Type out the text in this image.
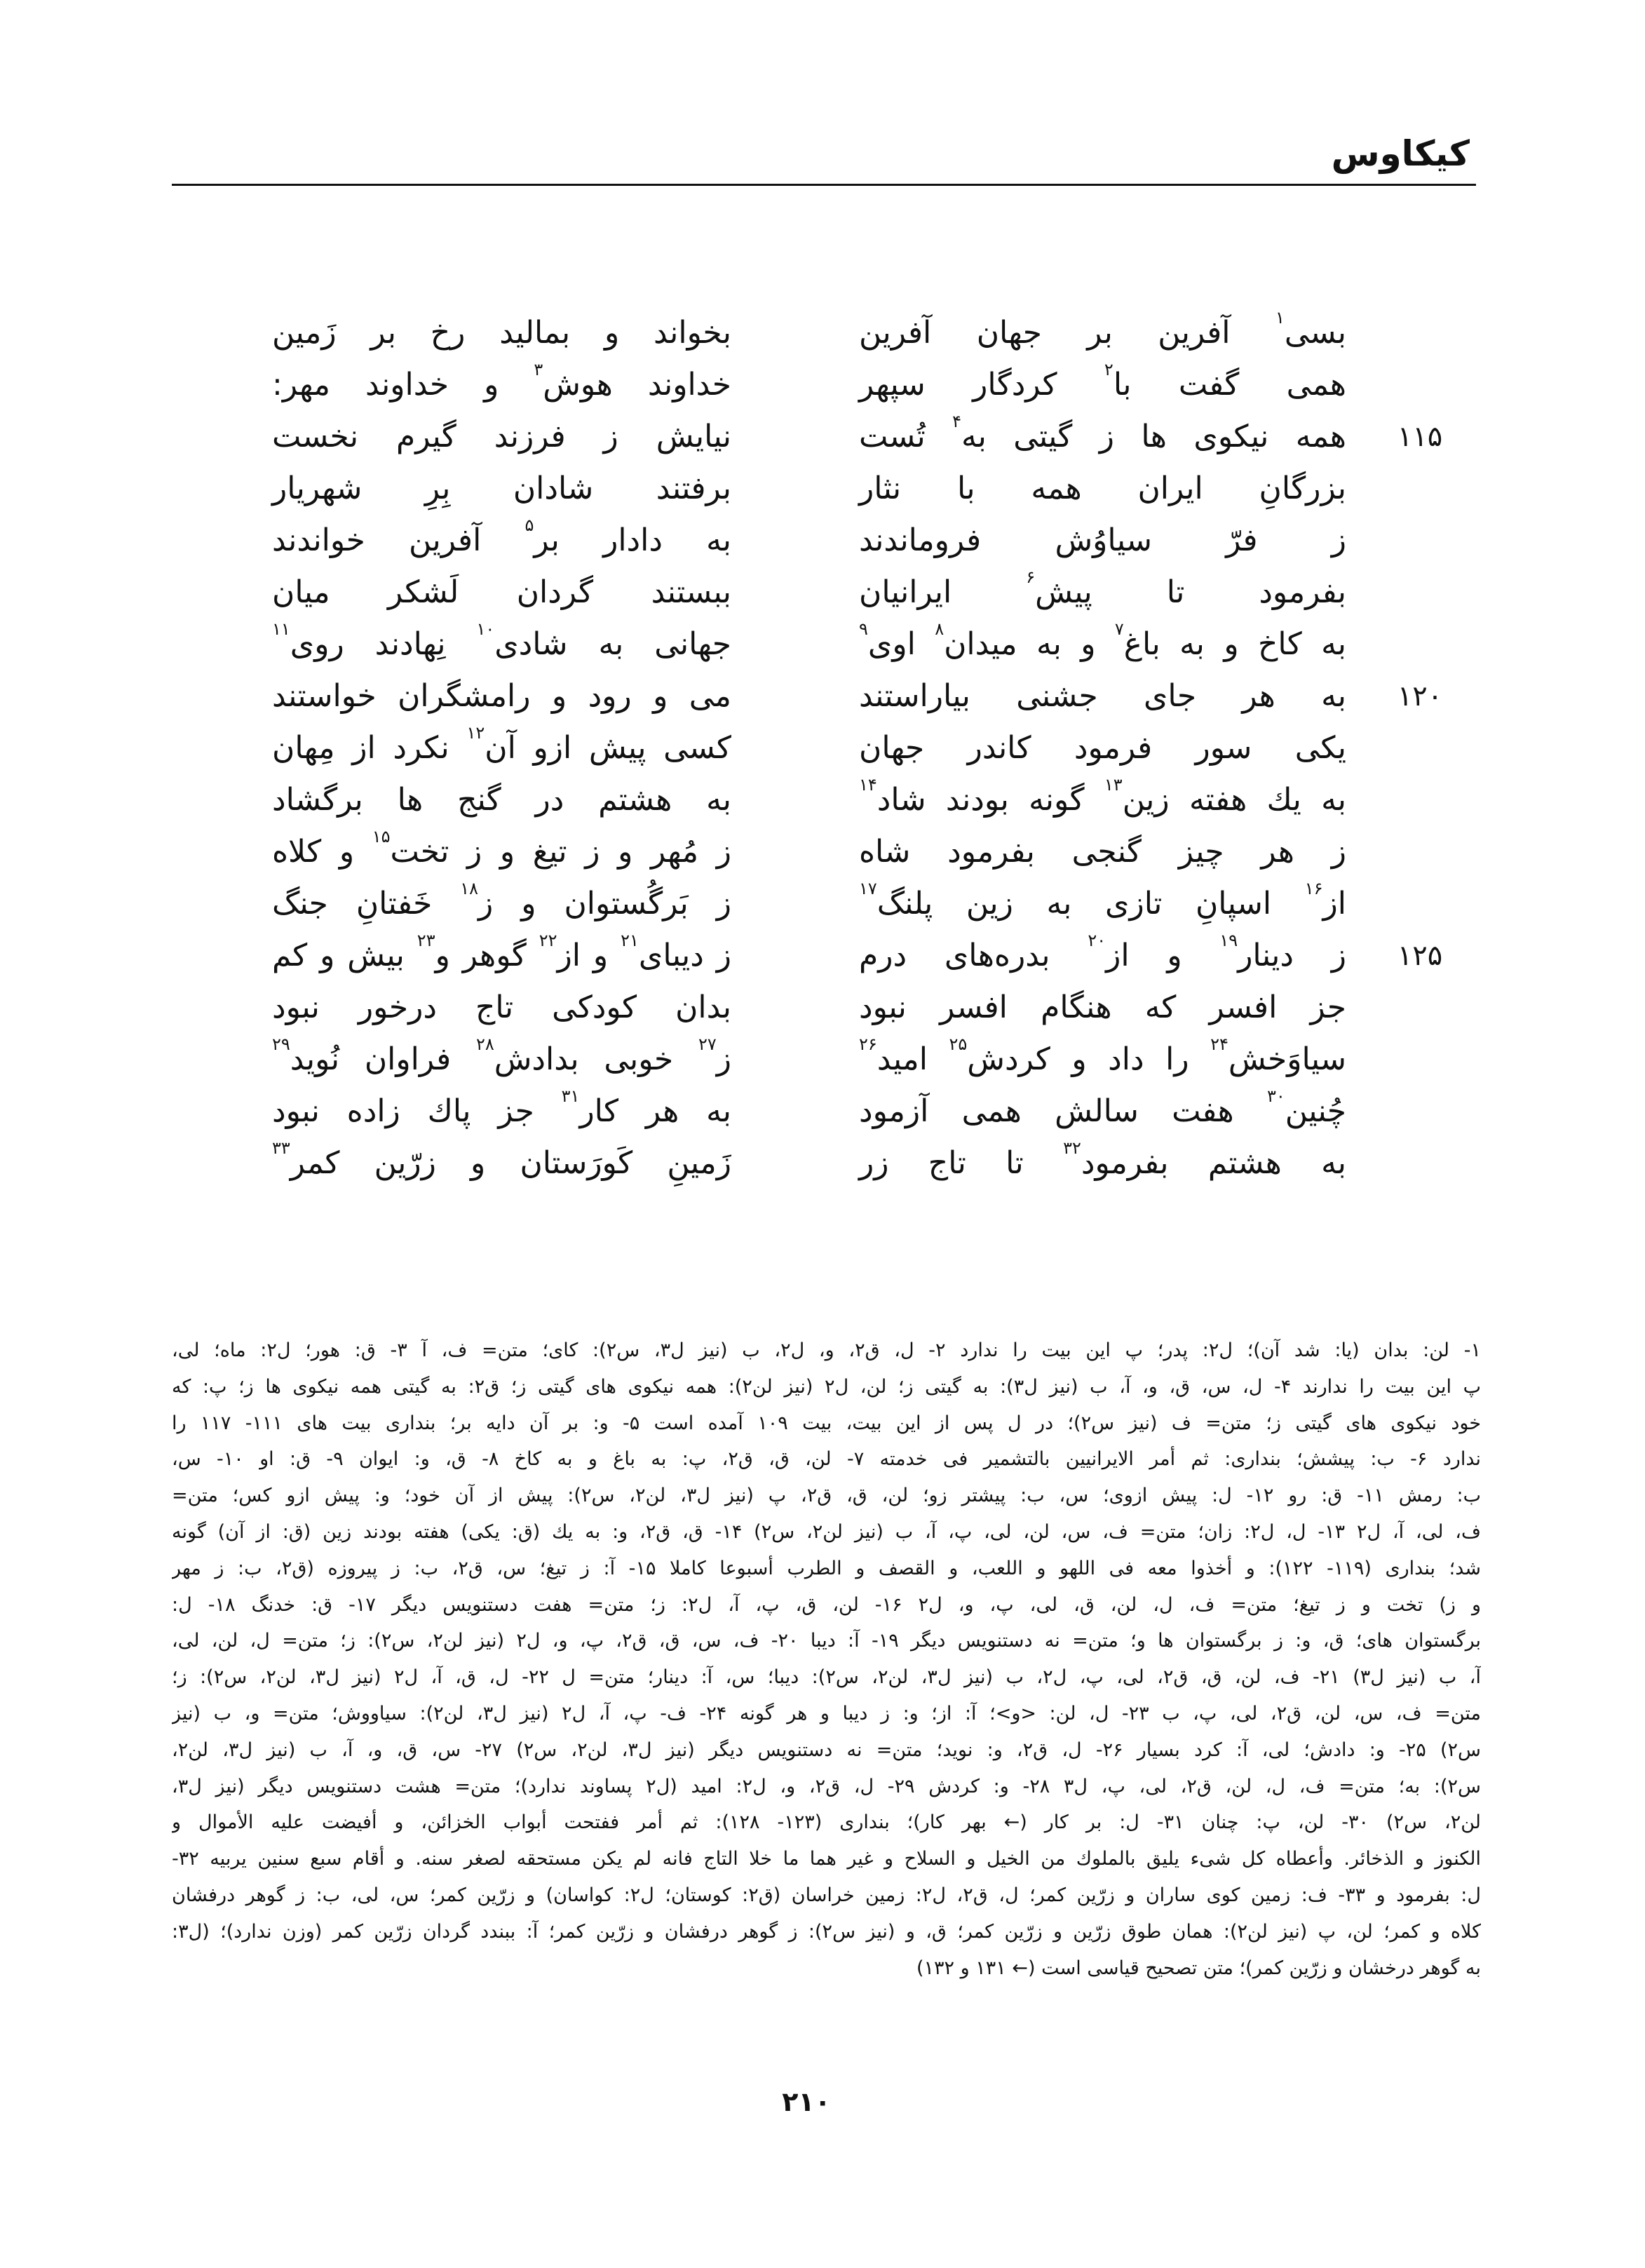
کیکاوس
بسی$^۱$ آفرین بر جهان آفرین
بخواند و بمالید رخ بر زَمین
همی گفت با$^۲$ کردگار سپهر
خداوند هوش$^۳$ و خداوند مهر:
۱۱۵
همه نیکوی ها ز گیتی به$^۴$ تُست
نیایش ز فرزند گیرم نخست
بزرگانِ ایران همه با نثار
برفتند شادان بِرِ شهریار
ز فرّ سیاوُش فروماندند
به دادار بر$^۵$ آفرین خواندند
بفرمود تا پیش$^۶$ ایرانیان
ببستند گردان لَشکر میان
به کاخ و به باغ$^۷$ و به میدان$^۸$ اوی$^۹$
جهانی به شادی$^{۱۰}$ نِهادند روی$^{۱۱}$
۱۲۰
به هر جای جشنی بیاراستند
می و رود و رامشگران خواستند
یکی سور فرمود کاندر جهان
کسی پیش ازو آن$^{۱۲}$ نکرد از مِهان
به یك هفته زین$^{۱۳}$ گونه بودند شاد$^{۱۴}$
به هشتم در گنج ها برگشاد
ز هر چیز گنجی بفرمود شاه
ز مُهر و ز تیغ و ز تخت$^{۱۵}$ و کلاه
از$^{۱۶}$ اسپانِ تازی به زین پلنگ$^{۱۷}$
ز بَرگُستوان و ز$^{۱۸}$ خَفتانِ جنگ
۱۲۵
ز دینار$^{۱۹}$ و از$^{۲۰}$ بدره‌های درم
ز دیبای$^{۲۱}$ و از$^{۲۲}$ گوهر و$^{۲۳}$ بیش و کم
جز افسر که هنگام افسر نبود
بدان کودکی تاج درخور نبود
سیاوَخش$^{۲۴}$ را داد و کردش$^{۲۵}$ امید$^{۲۶}$
ز$^{۲۷}$ خوبی بدادش$^{۲۸}$ فراوان نُوید$^{۲۹}$
چُنین$^{۳۰}$ هفت سالش همی آزمود
به هر کار$^{۳۱}$ جز پاك زاده نبود
به هشتم بفرمود$^{۳۲}$ تا تاج زر
زَمینِ کَورَستان و زرّین کمر$^{۳۳}$
۱- لن: بدان (یا: شد آن)؛ ل۲: پدر؛ پ این بیت را ندارد ۲- ل، ق۲، و، ل۲، ب (نیز ل۳، س۲): کای؛ متن= ف، آ ۳- ق: هور؛ ل۲: ماه؛ لی،
پ این بیت را ندارند ۴- ل، س، ق، و، آ، ب (نیز ل۳): به گیتی ز؛ لن، ل۲ (نیز لن۲): همه نیکوی های گیتی ز؛ ق۲: به گیتی همه نیکوی ها ز؛ پ: که
خود نیکوی های گیتی ز؛ متن= ف (نیز س۲)؛ در ل پس از این بیت، بیت ۱۰۹ آمده است ۵- و: بر آن دایه بر؛ بنداری بیت های ۱۱۱- ۱۱۷ را
ندارد ۶- ب: پیشش؛ بنداری: ثم أمر الایرانیین بالتشمیر فی خدمته ۷- لن، ق، ق۲، پ: به باغ و به کاخ ۸- ق، و: ایوان ۹- ق: او ۱۰- س،
ب: رمش ۱۱- ق: رو ۱۲- ل: پیش ازوی؛ س، ب: پیشتر زو؛ لن، ق، ق۲، پ (نیز ل۳، لن۲، س۲): پیش از آن خود؛ و: پیش ازو کس؛ متن=
ف، لی، آ، ل۲ ۱۳- ل، ل۲: زان؛ متن= ف، س، لن، لی، پ، آ، ب (نیز لن۲، س۲) ۱۴- ق، ق۲، و: به یك (ق: یکی) هفته بودند زین (ق: از آن) گونه
شد؛ بنداری (۱۱۹- ۱۲۲): و أخذوا معه فی اللهو و اللعب، و القصف و الطرب أسبوعا کاملا ۱۵- آ: ز تیغ؛ س، ق۲، ب: ز پیروزه (ق۲، ب: ز مهر
و ز) تخت و ز تیغ؛ متن= ف، ل، لن، ق، لی، پ، و، ل۲ ۱۶- لن، ق، پ، آ، ل۲: ز؛ متن= هفت دستنویس دیگر ۱۷- ق: خدنگ ۱۸- ل:
برگستوان های؛ ق، و: ز برگستوان ها و؛ متن= نه دستنویس دیگر ۱۹- آ: دیبا ۲۰- ف، س، ق، ق۲، پ، و، ل۲ (نیز لن۲، س۲): ز؛ متن= ل، لن، لی،
آ، ب (نیز ل۳) ۲۱- ف، لن، ق، ق۲، لی، پ، ل۲، ب (نیز ل۳، لن۲، س۲): دیبا؛ س، آ: دینار؛ متن= ل ۲۲- ل، ق، آ، ل۲ (نیز ل۳، لن۲، س۲): ز؛
متن= ف، س، لن، ق۲، لی، پ، ب ۲۳- ل، لن: <و>؛ آ: از؛ و: ز دیبا و هر گونه ۲۴- ف- پ، آ، ل۲ (نیز ل۳، لن۲): سیاووش؛ متن= و، ب (نیز
س۲) ۲۵- و: دادش؛ لی، آ: کرد بسیار ۲۶- ل، ق۲، و: نوید؛ متن= نه دستنویس دیگر (نیز ل۳، لن۲، س۲) ۲۷- س، ق، و، آ، ب (نیز ل۳، لن۲،
س۲): به؛ متن= ف، ل، لن، ق۲، لی، پ، ل۳ ۲۸- و: کردش ۲۹- ل، ق۲، و، ل۲: امید (ل۲ پساوند ندارد)؛ متن= هشت دستنویس دیگر (نیز ل۳،
لن۲، س۲) ۳۰- لن، پ: چنان ۳۱- ل: بر کار (← بهر کار)؛ بنداری (۱۲۳- ۱۲۸): ثم أمر ففتحت أبواب الخزائن، و أفیضت علیه الأموال و
الکنوز و الذخائر. وأعطاه کل شیء یلیق بالملوك من الخیل و السلاح و غیر هما ما خلا التاج فانه لم یکن مستحقه لصغر سنه. و أقام سبع سنین یربیه ۳۲-
ل: بفرمود و ۳۳- ف: زمین کوی ساران و زرّین کمر؛ ل، ق۲، ل۲: زمین خراسان (ق۲: کوستان؛ ل۲: کواسان) و زرّین کمر؛ س، لی، ب: ز گوهر درفشان
کلاه و کمر؛ لن، پ (نیز لن۲): همان طوق زرّین و زرّین کمر؛ ق، و (نیز س۲): ز گوهر درفشان و زرّین کمر؛ آ: ببندد گردان زرّین کمر (وزن ندارد)؛ (ل۳:
به گوهر درخشان و زرّین کمر)؛ متن تصحیح قیاسی است (← ۱۳۱ و ۱۳۲)
۲۱۰
